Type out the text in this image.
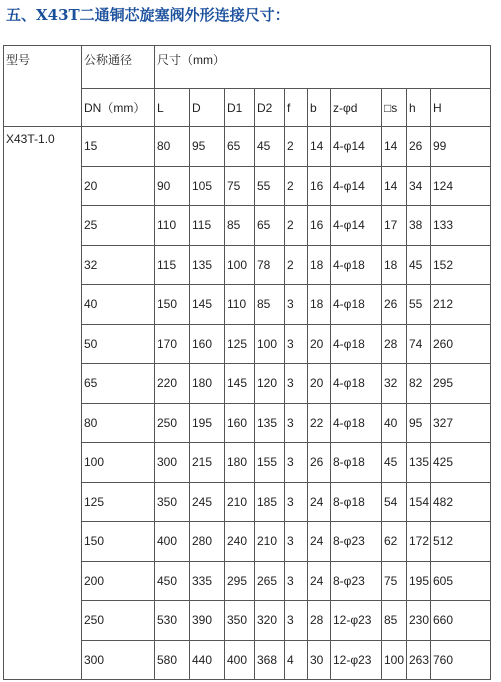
五、X43T二通铜芯旋塞阀外形连接尺寸：
型号	公称通径	尺寸（mm）									
	DN（mm）	L	D	D1	D2	f	b	z-φd	□s	h	H
X43T-1.0	15	80	95	65	45	2	14	4-φ14	14	26	99
	20	90	105	75	55	2	16	4-φ14	14	34	124
	25	110	115	85	65	2	16	4-φ14	17	38	133
	32	115	135	100	78	2	18	4-φ18	18	45	152
	40	150	145	110	85	3	18	4-φ18	26	55	212
	50	170	160	125	100	3	20	4-φ18	28	74	260
	65	220	180	145	120	3	20	4-φ18	32	82	295
	80	250	195	160	135	3	22	4-φ18	40	95	327
	100	300	215	180	155	3	26	8-φ18	45	135	425
	125	350	245	210	185	3	24	8-φ18	54	154	482
	150	400	280	240	210	3	24	8-φ23	62	172	512
	200	450	335	295	265	3	24	8-φ23	75	195	605
	250	530	390	350	320	3	28	12-φ23	85	230	660
	300	580	440	400	368	4	30	12-φ23	100	263	760
